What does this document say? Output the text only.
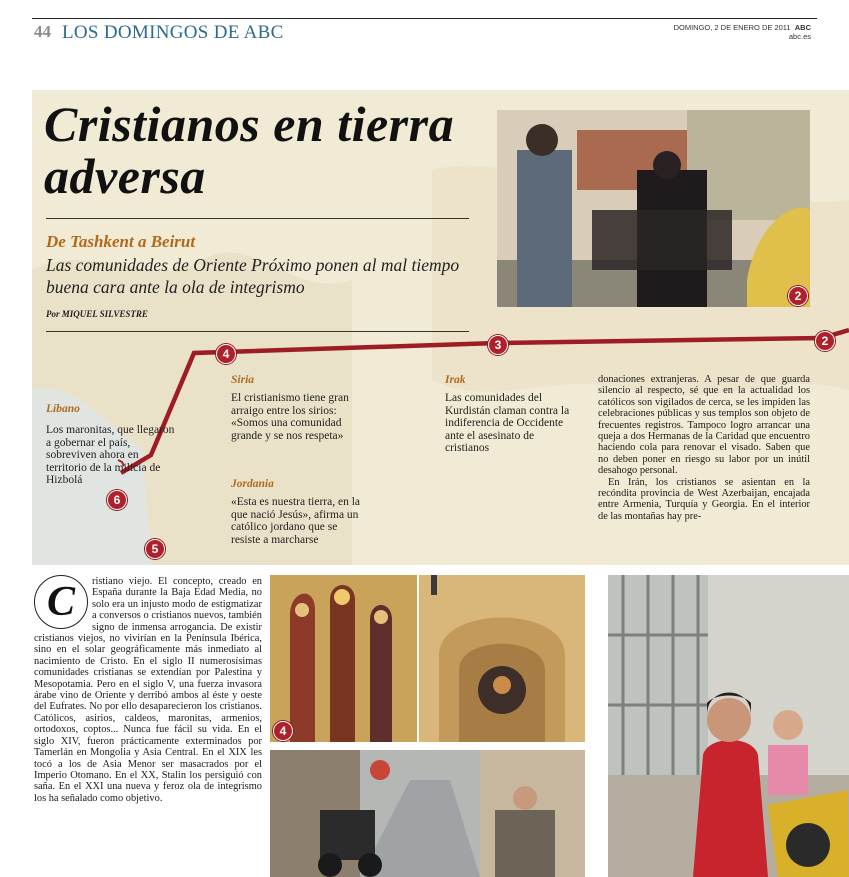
44 LOS DOMINGOS DE ABC	DOMINGO, 2 DE ENERO DE 2011 ABC
abc.es
Cristianos en tierra adversa
De Tashkent a Beirut
Las comunidades de Oriente Próximo ponen al mal tiempo buena cara ante la ola de integrismo
Por MIQUEL SILVESTRE
2
4
3	2
5
6
Líbano
Los maronitas, que llegaron a gobernar el país, sobreviven ahora en territorio de la milicia de Hizbolá
Siria
El cristianismo tiene gran arraigo entre los sirios: «Somos una comunidad grande y se nos respeta»
Jordania
«Esta es nuestra tierra, en la que nació Jesús», afirma un católico jordano que se resiste a marcharse
Irak
Las comunidades del Kurdistán claman contra la indiferencia de Occidente ante el asesinato de cristianos
donaciones extranjeras. A pesar de que guarda silencio al respecto, sé que en la actualidad los católicos son vigilados de cerca, se les impiden las celebraciones públicas y sus templos son objeto de frecuentes registros. Tampoco logro arrancar una queja a dos Hermanas de la Caridad que encuentro haciendo cola para renovar el visado. Saben que no deben poner en riesgo su labor por un inútil desahogo personal.
En Irán, los cristianos se asientan en la recóndita provincia de West Azerbaijan, encajada entre Armenia, Turquía y Georgia. En el interior de las montañas hay pre-
C	ristiano viejo. El concepto, creado en España durante la Baja Edad Media, no solo era un injusto modo de estigmatizar a conversos o cristianos nuevos, también signo de inmensa arrogancia. De existir cristianos viejos, no vivirían en la Península Ibérica, sino en el solar geográficamente más inmediato al nacimiento de Cristo. En el siglo II numerosísimas comunidades cristianas se extendían por Palestina y Mesopotamia. Pero en el siglo V, una fuerza invasora árabe vino de Oriente y derribó ambos al éste y oeste del Eufrates. No por ello desaparecieron los cristianos. Católicos, asirios, caldeos, maronitas, armenios, ortodoxos, coptos... Nunca fue fácil su vida. En el siglo XIV, fueron prácticamente exterminados por Tamerlán en Mongolia y Asia Central. En el XIX les tocó a los de Asia Menor ser masacrados por el Imperio Otomano. En el XX, Stalin los persiguió con saña. En el XXI una nueva y feroz ola de integrismo los ha señalado como objetivo.
4
